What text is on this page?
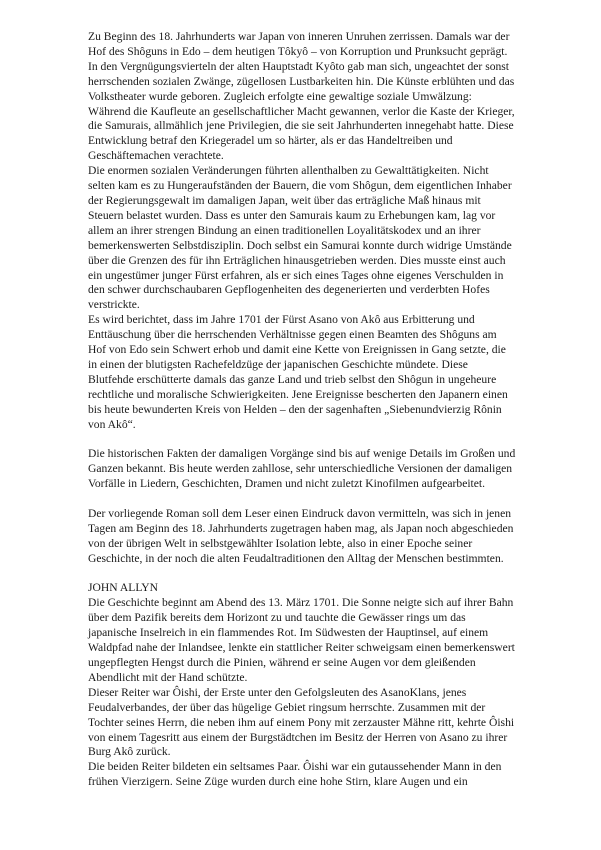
Zu Beginn des 18. Jahrhunderts war Japan von inneren Unruhen zerrissen. Damals war der Hof des Shôguns in Edo – dem heutigen Tôkyô – von Korruption und Prunksucht geprägt. In den Vergnügungsvierteln der alten Hauptstadt Kyôto gab man sich, ungeachtet der sonst herrschenden sozialen Zwänge, zügellosen Lustbarkeiten hin. Die Künste erblühten und das Volkstheater wurde geboren. Zugleich erfolgte eine gewaltige soziale Umwälzung: Während die Kaufleute an gesellschaftlicher Macht gewannen, verlor die Kaste der Krieger, die Samurais, allmählich jene Privilegien, die sie seit Jahrhunderten innegehabt hatte. Diese Entwicklung betraf den Kriegeradel um so härter, als er das Handeltreiben und Geschäftemachen verachtete.

Die enormen sozialen Veränderungen führten allenthalben zu Gewalttätigkeiten. Nicht selten kam es zu Hungeraufständen der Bauern, die vom Shôgun, dem eigentlichen Inhaber der Regierungsgewalt im damaligen Japan, weit über das erträgliche Maß hinaus mit Steuern belastet wurden. Dass es unter den Samurais kaum zu Erhebungen kam, lag vor allem an ihrer strengen Bindung an einen traditionellen Loyalitätskodex und an ihrer bemerkenswerten Selbstdisziplin. Doch selbst ein Samurai konnte durch widrige Umstände über die Grenzen des für ihn Erträglichen hinausgetrieben werden. Dies musste einst auch ein ungestümer junger Fürst erfahren, als er sich eines Tages ohne eigenes Verschulden in den schwer durchschaubaren Gepflogenheiten des degenerierten und verderbten Hofes verstrickte.

Es wird berichtet, dass im Jahre 1701 der Fürst Asano von Akô aus Erbitterung und Enttäuschung über die herrschenden Verhältnisse gegen einen Beamten des Shôguns am Hof von Edo sein Schwert erhob und damit eine Kette von Ereignissen in Gang setzte, die in einen der blutigsten Rachefeldzüge der japanischen Geschichte mündete. Diese Blutfehde erschütterte damals das ganze Land und trieb selbst den Shôgun in ungeheure rechtliche und moralische Schwierigkeiten. Jene Ereignisse bescherten den Japanern einen bis heute bewunderten Kreis von Helden – den der sagenhaften „Siebenundvierzig Rônin von Akô“.

Die historischen Fakten der damaligen Vorgänge sind bis auf wenige Details im Großen und Ganzen bekannt. Bis heute werden zahllose, sehr unterschiedliche Versionen der damaligen Vorfälle in Liedern, Geschichten, Dramen und nicht zuletzt Kinofilmen aufgearbeitet.

Der vorliegende Roman soll dem Leser einen Eindruck davon vermitteln, was sich in jenen Tagen am Beginn des 18. Jahrhunderts zugetragen haben mag, als Japan noch abgeschieden von der übrigen Welt in selbstgewählter Isolation lebte, also in einer Epoche seiner Geschichte, in der noch die alten Feudaltraditionen den Alltag der Menschen bestimmten.

JOHN ALLYN

Die Geschichte beginnt am Abend des 13. März 1701. Die Sonne neigte sich auf ihrer Bahn über dem Pazifik bereits dem Horizont zu und tauchte die Gewässer rings um das japanische Inselreich in ein flammendes Rot. Im Südwesten der Hauptinsel, auf einem Waldpfad nahe der Inlandsee, lenkte ein stattlicher Reiter schweigsam einen bemerkenswert ungepflegten Hengst durch die Pinien, während er seine Augen vor dem gleißenden Abendlicht mit der Hand schützte.

Dieser Reiter war Ôishi, der Erste unter den Gefolgsleuten des AsanoKlans, jenes Feudalverbandes, der über das hügelige Gebiet ringsum herrschte. Zusammen mit der Tochter seines Herrn, die neben ihm auf einem Pony mit zerzauster Mähne ritt, kehrte Ôishi von einem Tagesritt aus einem der Burgstädtchen im Besitz der Herren von Asano zu ihrer Burg Akô zurück.

Die beiden Reiter bildeten ein seltsames Paar. Ôishi war ein gutaussehender Mann in den frühen Vierzigern. Seine Züge wurden durch eine hohe Stirn, klare Augen und ein
